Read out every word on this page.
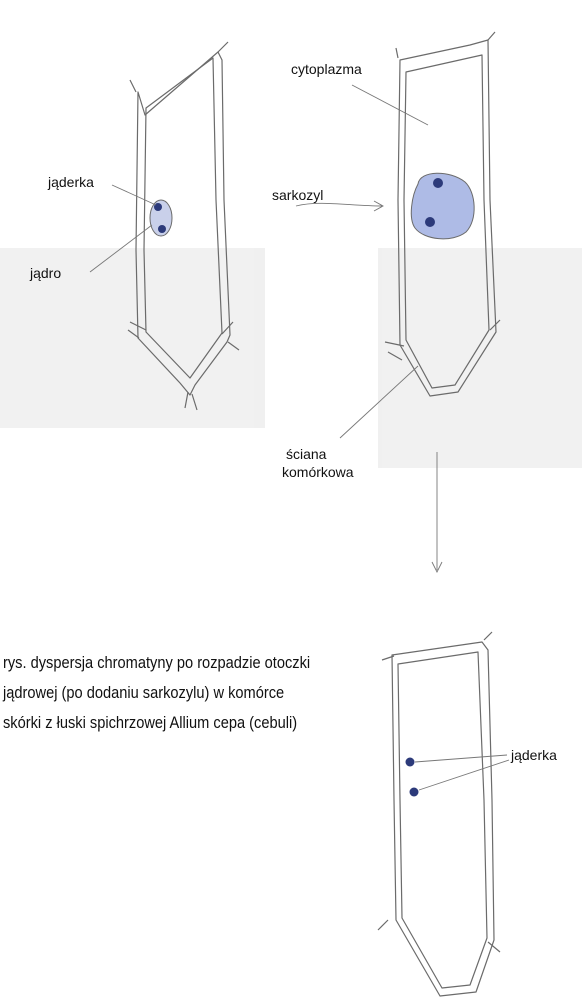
jąderka
jądro
cytoplazma
sarkozyl
ściana
komórkowa
jąderka
rys. dyspersja chromatyny po rozpadzie otoczki
jądrowej (po dodaniu sarkozylu) w komórce
skórki z łuski spichrzowej Allium cepa (cebuli)
